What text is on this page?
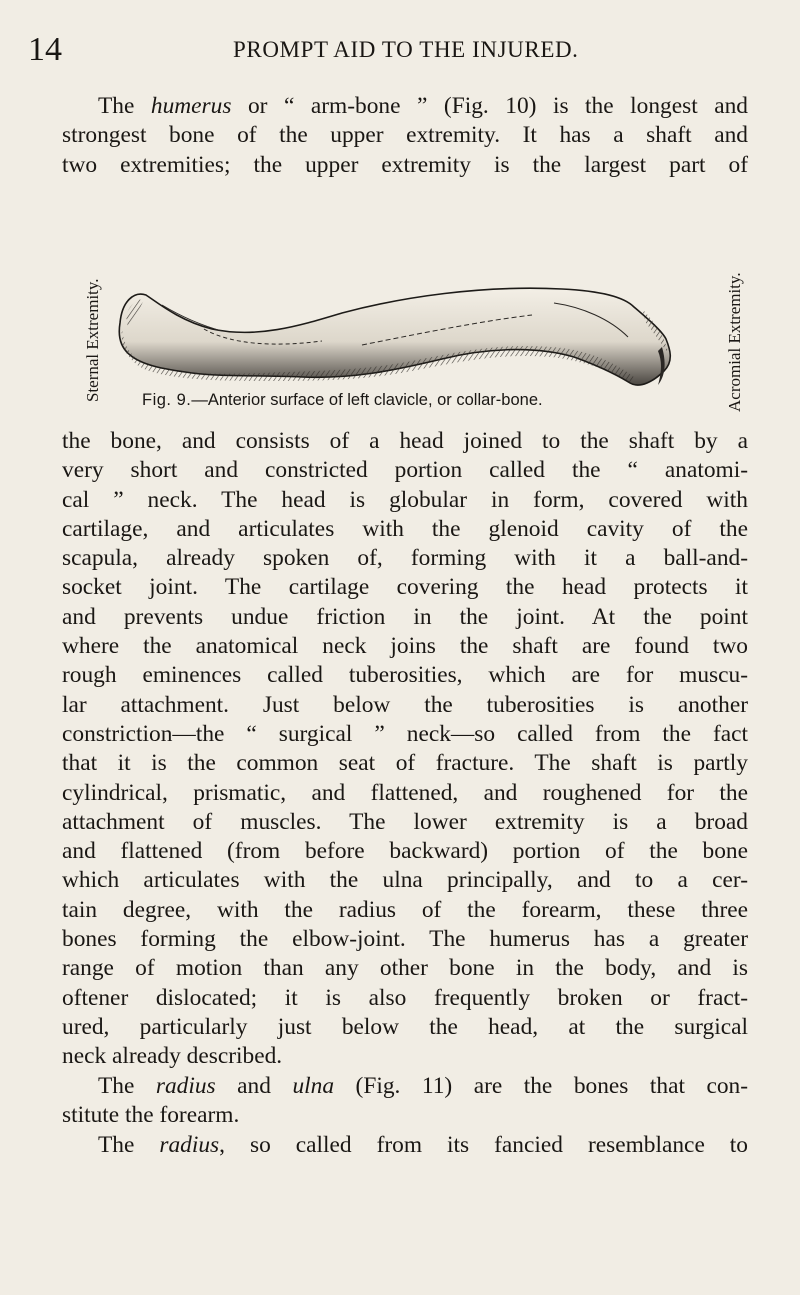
14	PROMPT AID TO THE INJURED.
The humerus or “ arm-bone ” (Fig. 10) is the longest and
strongest bone of the upper extremity. It has a shaft and
two extremities; the upper extremity is the largest part of
Sternal Extremity.	Acromial Extremity.
Fig. 9.—Anterior surface of left clavicle, or collar-bone.
the bone, and consists of a head joined to the shaft by a
very short and constricted portion called the “ anatomi-
cal ” neck. The head is globular in form, covered with
cartilage, and articulates with the glenoid cavity of the
scapula, already spoken of, forming with it a ball-and-
socket joint. The cartilage covering the head protects it
and prevents undue friction in the joint. At the point
where the anatomical neck joins the shaft are found two
rough eminences called tuberosities, which are for muscu-
lar attachment. Just below the tuberosities is another
constriction—the “ surgical ” neck—so called from the fact
that it is the common seat of fracture. The shaft is partly
cylindrical, prismatic, and flattened, and roughened for the
attachment of muscles. The lower extremity is a broad
and flattened (from before backward) portion of the bone
which articulates with the ulna principally, and to a cer-
tain degree, with the radius of the forearm, these three
bones forming the elbow-joint. The humerus has a greater
range of motion than any other bone in the body, and is
oftener dislocated; it is also frequently broken or fract-
ured, particularly just below the head, at the surgical
neck already described.
The radius and ulna (Fig. 11) are the bones that con-
stitute the forearm.
The radius, so called from its fancied resemblance to
